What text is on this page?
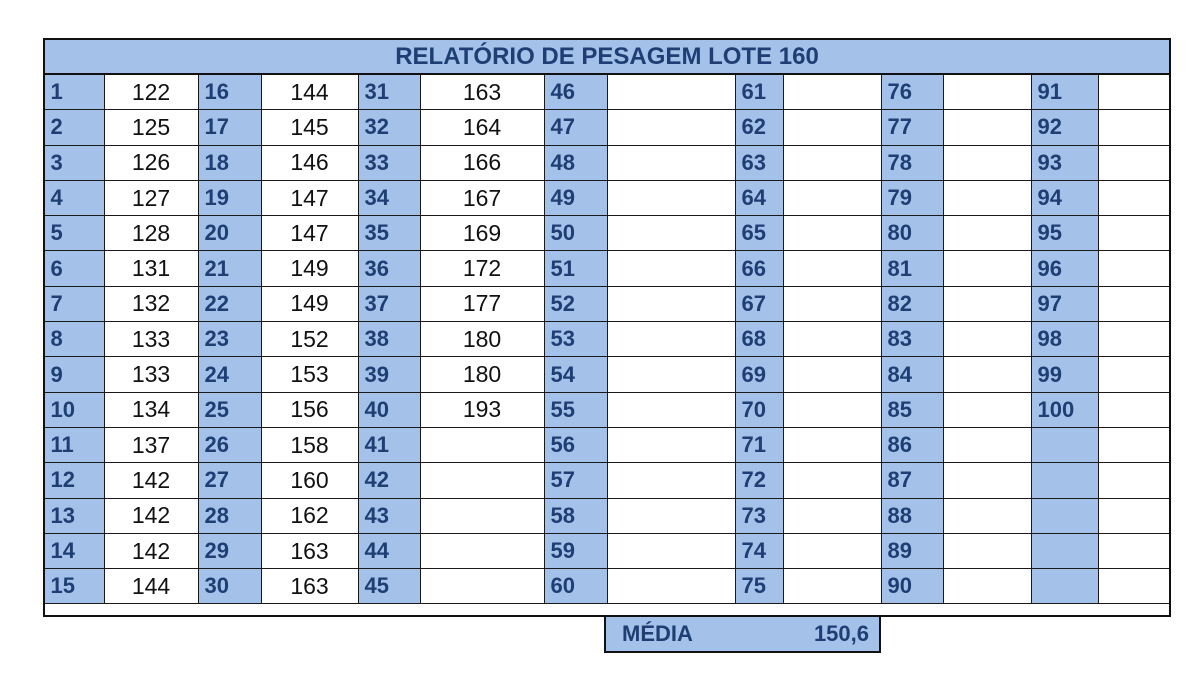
RELATÓRIO DE PESAGEM LOTE 160													
1	122	16	144	31	163	46		61		76		91	
2	125	17	145	32	164	47		62		77		92	
3	126	18	146	33	166	48		63		78		93	
4	127	19	147	34	167	49		64		79		94	
5	128	20	147	35	169	50		65		80		95	
6	131	21	149	36	172	51		66		81		96	
7	132	22	149	37	177	52		67		82		97	
8	133	23	152	38	180	53		68		83		98	
9	133	24	153	39	180	54		69		84		99	
10	134	25	156	40	193	55		70		85		100	
11	137	26	158	41		56		71		86			
12	142	27	160	42		57		72		87			
13	142	28	162	43		58		73		88			
14	142	29	163	44		59		74		89			
15	144	30	163	45		60		75		90			
MÉDIA	150,6
